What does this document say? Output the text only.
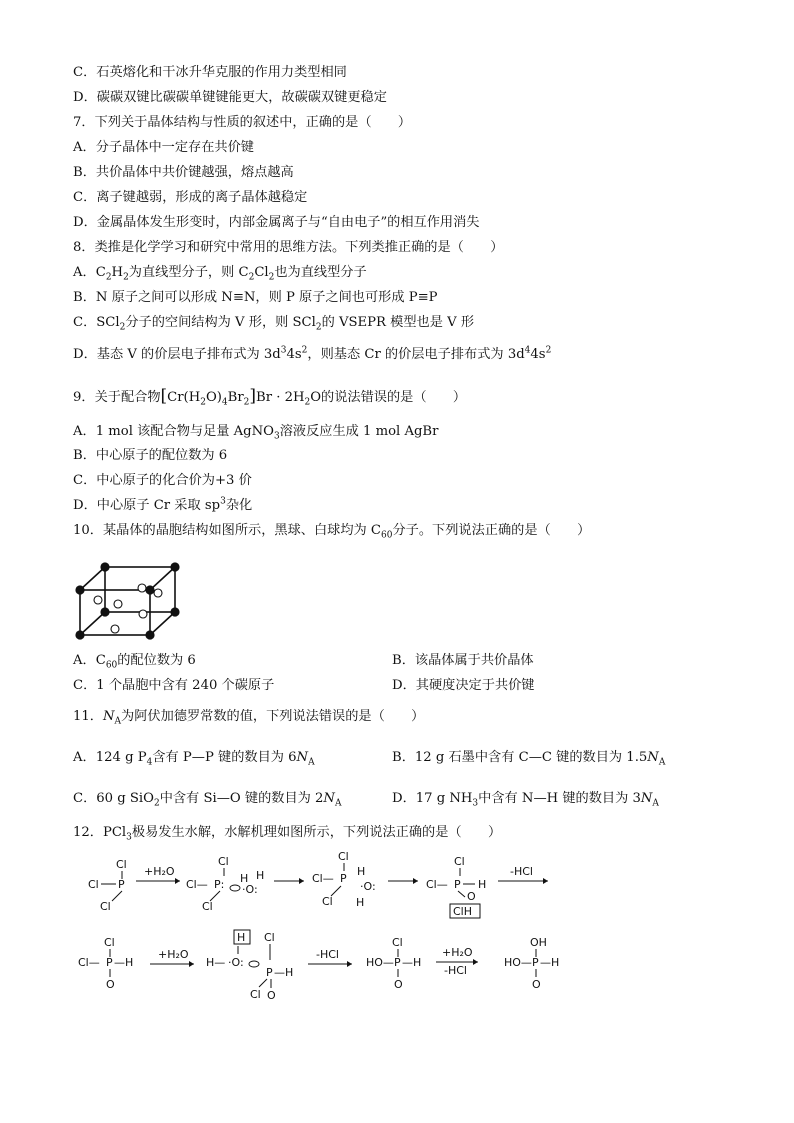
C．石英熔化和干冰升华克服的作用力类型相同
D．碳碳双键比碳碳单键键能更大，故碳碳双键更稳定
7．下列关于晶体结构与性质的叙述中，正确的是（　　）
A．分子晶体中一定存在共价键
B．共价晶体中共价键越强，熔点越高
C．离子键越弱，形成的离子晶体越稳定
D．金属晶体发生形变时，内部金属离子与“自由电子”的相互作用消失
8．类推是化学学习和研究中常用的思维方法。下列类推正确的是（　　）
A．$C_2H_2$为直线型分子，则 $C_2Cl_2$也为直线型分子
B．N 原子之间可以形成 N≡N，则 P 原子之间也可形成 P≡P
C．SCl$_2$分子的空间结构为 V 形，则 SCl$_2$的 VSEPR 模型也是 V 形
D．基态 V 的价层电子排布式为 $3d^34s^2$，则基态 Cr 的价层电子排布式为 $3d^44s^2$
9．关于配合物$[Cr(H_2O)_4Br_2]Br \cdot 2H_2O$的说法错误的是（　　）
A．1 mol 该配合物与足量 AgNO$_3$溶液反应生成 1 mol AgBr
B．中心原子的配位数为 6
C．中心原子的化合价为+3 价
D．中心原子 Cr 采取 $sp^3$杂化
10．某晶体的晶胞结构如图所示，黑球、白球均为 $C_{60}$分子。下列说法正确的是（　　）
A．$C_{60}$的配位数为 6	B．该晶体属于共价晶体
C．1 个晶胞中含有 240 个碳原子	D．其硬度决定于共价键
11．$N_A$为阿伏加德罗常数的值，下列说法错误的是（　　）
A．124 g $P_4$含有 P—P 键的数目为 $6N_A$	B．12 g 石墨中含有 C—C 键的数目为 $1.5N_A$
C．60 g SiO$_2$中含有 Si—O 键的数目为 $2N_A$	D．17 g $NH_3$中含有 N—H 键的数目为 $3N_A$
12．PCl$_3$极易发生水解，水解机理如图所示，下列说法正确的是（　　）
Cl
Cl P
Cl
+H₂O
Cl
Cl— P: H
·O:
H
Cl
Cl
Cl— P
H
·O:
H
Cl
Cl
Cl— P H
O
ClH
-HCl
Cl
Cl— P —H
O
+H₂O
H Cl
H— ·O:
P —H
Cl O
-HCl
Cl
HO— P —H
O
+H₂O
-HCl
OH
HO— P —H
O
